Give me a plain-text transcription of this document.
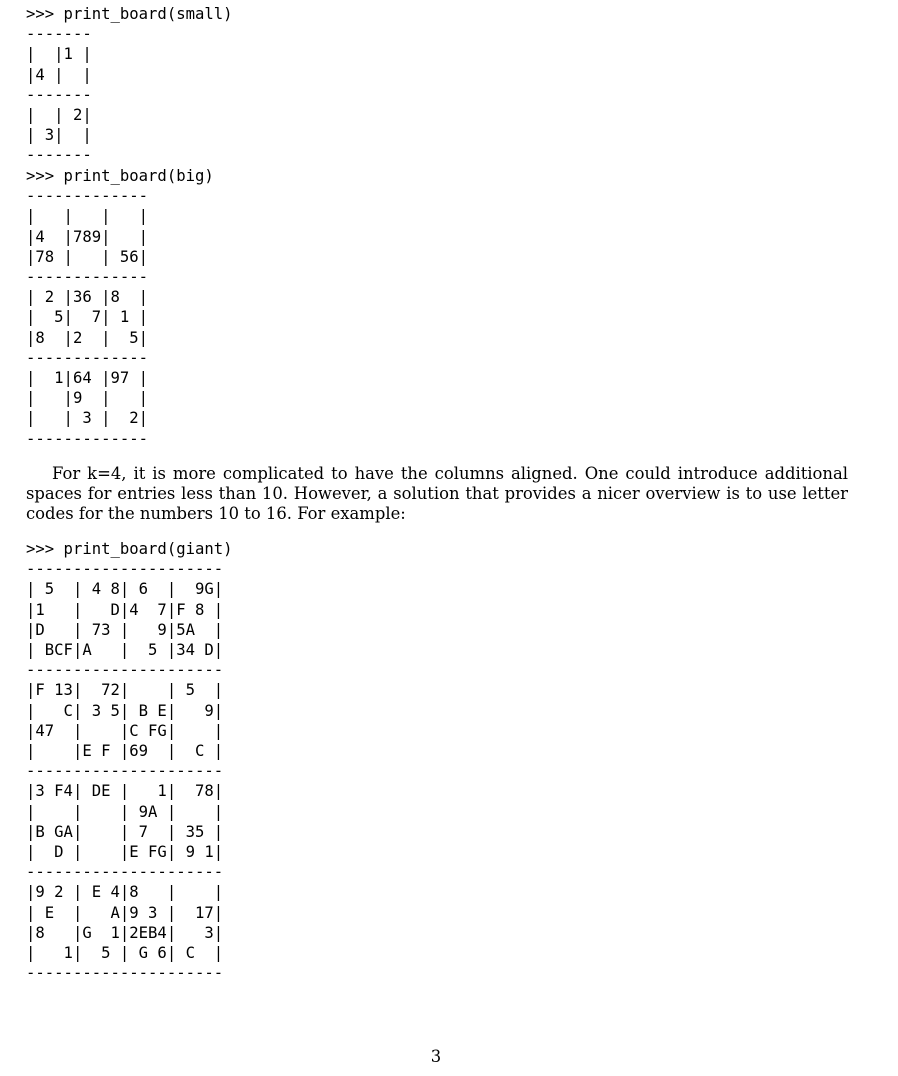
>>> print_board(small)
-------
|  |1 |
|4 |  |
-------
|  | 2|
| 3|  |
-------
>>> print_board(big)
-------------
|   |   |   |
|4  |789|   |
|78 |   | 56|
-------------
| 2 |36 |8  |
|  5|  7| 1 |
|8  |2  |  5|
-------------
|  1|64 |97 |
|   |9  |   |
|   | 3 |  2|
-------------

For k=4, it is more complicated to have the columns aligned. One could introduce additional spaces for entries less than 10. However, a solution that provides a nicer overview is to use letter codes for the numbers 10 to 16. For example:

>>> print_board(giant)
---------------------
| 5  | 4 8| 6  |  9G|
|1   |   D|4  7|F 8 |
|D   | 73 |   9|5A  |
| BCF|A   |  5 |34 D|
---------------------
|F 13|  72|    | 5  |
|   C| 3 5| B E|   9|
|47  |    |C FG|    |
|    |E F |69  |  C |
---------------------
|3 F4| DE |   1|  78|
|    |    | 9A |    |
|B GA|    | 7  | 35 |
|  D |    |E FG| 9 1|
---------------------
|9 2 | E 4|8   |    |
| E  |   A|9 3 |  17|
|8   |G  1|2EB4|   3|
|   1|  5 | G 6| C  |
---------------------
3
